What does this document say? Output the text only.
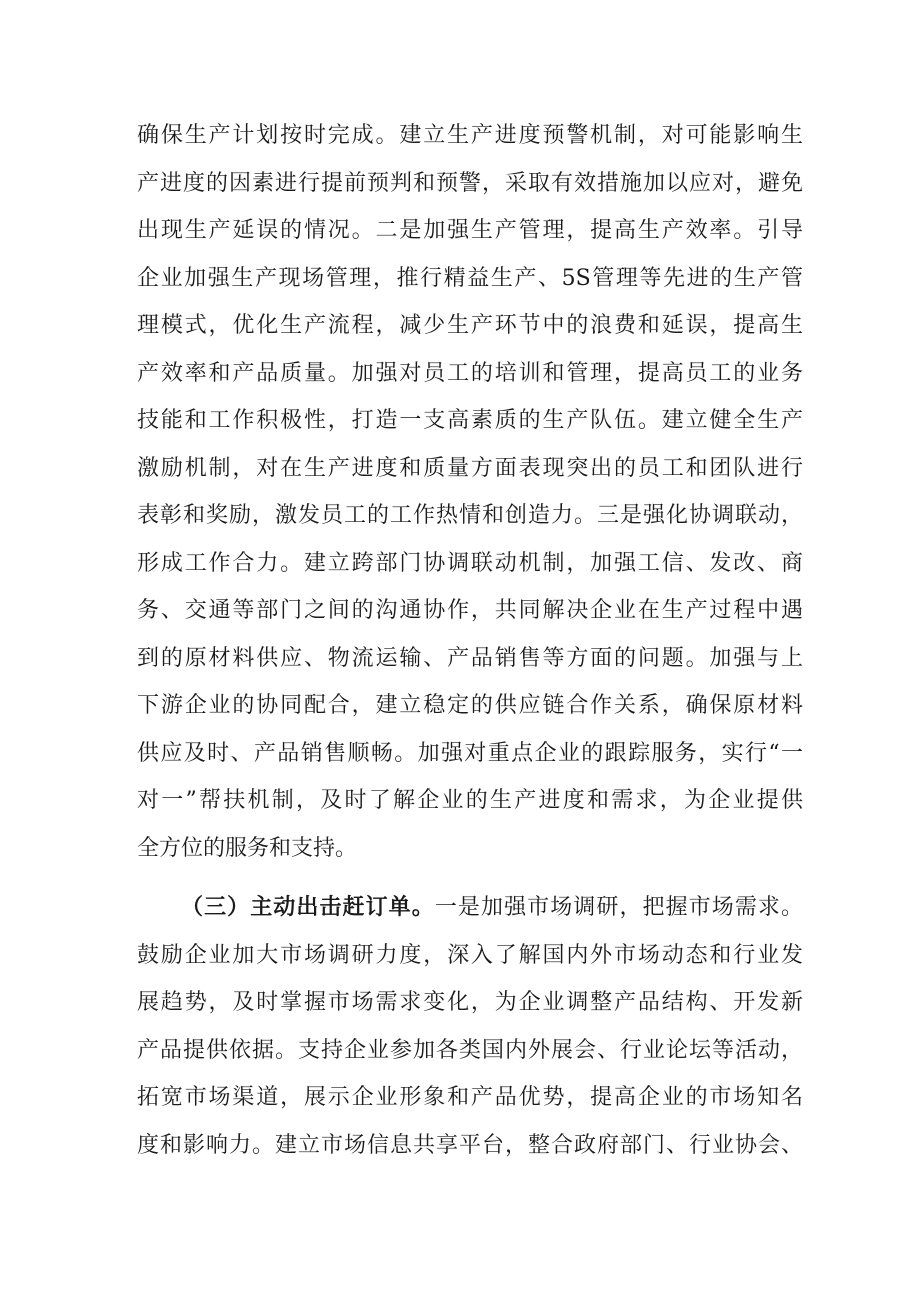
确保生产计划按时完成。建立生产进度预警机制，对可能影响生
产进度的因素进行提前预判和预警，采取有效措施加以应对，避免
出现生产延误的情况。二是加强生产管理，提高生产效率。引导
企业加强生产现场管理，推行精益生产、5S管理等先进的生产管
理模式，优化生产流程，减少生产环节中的浪费和延误，提高生
产效率和产品质量。加强对员工的培训和管理，提高员工的业务
技能和工作积极性，打造一支高素质的生产队伍。建立健全生产
激励机制，对在生产进度和质量方面表现突出的员工和团队进行
表彰和奖励，激发员工的工作热情和创造力。三是强化协调联动，
形成工作合力。建立跨部门协调联动机制，加强工信、发改、商
务、交通等部门之间的沟通协作，共同解决企业在生产过程中遇
到的原材料供应、物流运输、产品销售等方面的问题。加强与上
下游企业的协同配合，建立稳定的供应链合作关系，确保原材料
供应及时、产品销售顺畅。加强对重点企业的跟踪服务，实行“一
对一”帮扶机制，及时了解企业的生产进度和需求，为企业提供
全方位的服务和支持。
（三）主动出击赶订单。一是加强市场调研，把握市场需求。
鼓励企业加大市场调研力度，深入了解国内外市场动态和行业发
展趋势，及时掌握市场需求变化，为企业调整产品结构、开发新
产品提供依据。支持企业参加各类国内外展会、行业论坛等活动，
拓宽市场渠道，展示企业形象和产品优势，提高企业的市场知名
度和影响力。建立市场信息共享平台，整合政府部门、行业协会、
